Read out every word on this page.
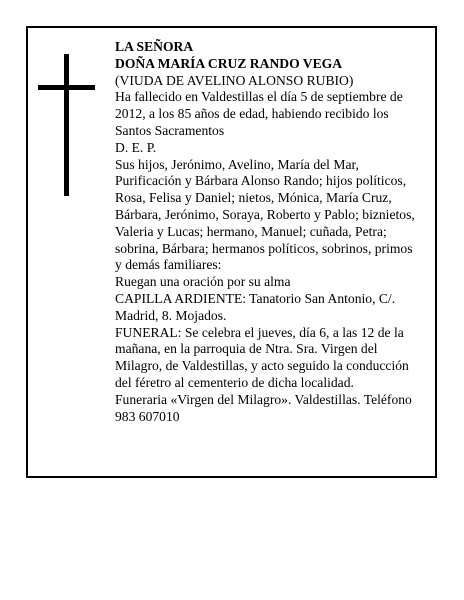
LA SEÑORA

DOÑA MARÍA CRUZ RANDO VEGA

(VIUDA DE AVELINO ALONSO RUBIO)

Ha fallecido en Valdestillas el día 5 de septiembre de 2012, a los 85 años de edad, habiendo recibido los Santos Sacramentos

D. E. P.

Sus hijos, Jerónimo, Avelino, María del Mar, Purificación y Bárbara Alonso Rando; hijos políticos, Rosa, Felisa y Daniel; nietos, Mónica, María Cruz, Bárbara, Jerónimo, Soraya, Roberto y Pablo; biznietos, Valeria y Lucas; hermano, Manuel; cuñada, Petra; sobrina, Bárbara; hermanos políticos, sobrinos, primos y demás familiares:

Ruegan una oración por su alma

CAPILLA ARDIENTE: Tanatorio San Antonio, C/. Madrid, 8. Mojados.

FUNERAL: Se celebra el jueves, día 6, a las 12 de la mañana, en la parroquia de Ntra. Sra. Virgen del Milagro, de Valdestillas, y acto seguido la conducción del féretro al cementerio de dicha localidad.

Funeraria «Virgen del Milagro». Valdestillas. Teléfono 983 607010
